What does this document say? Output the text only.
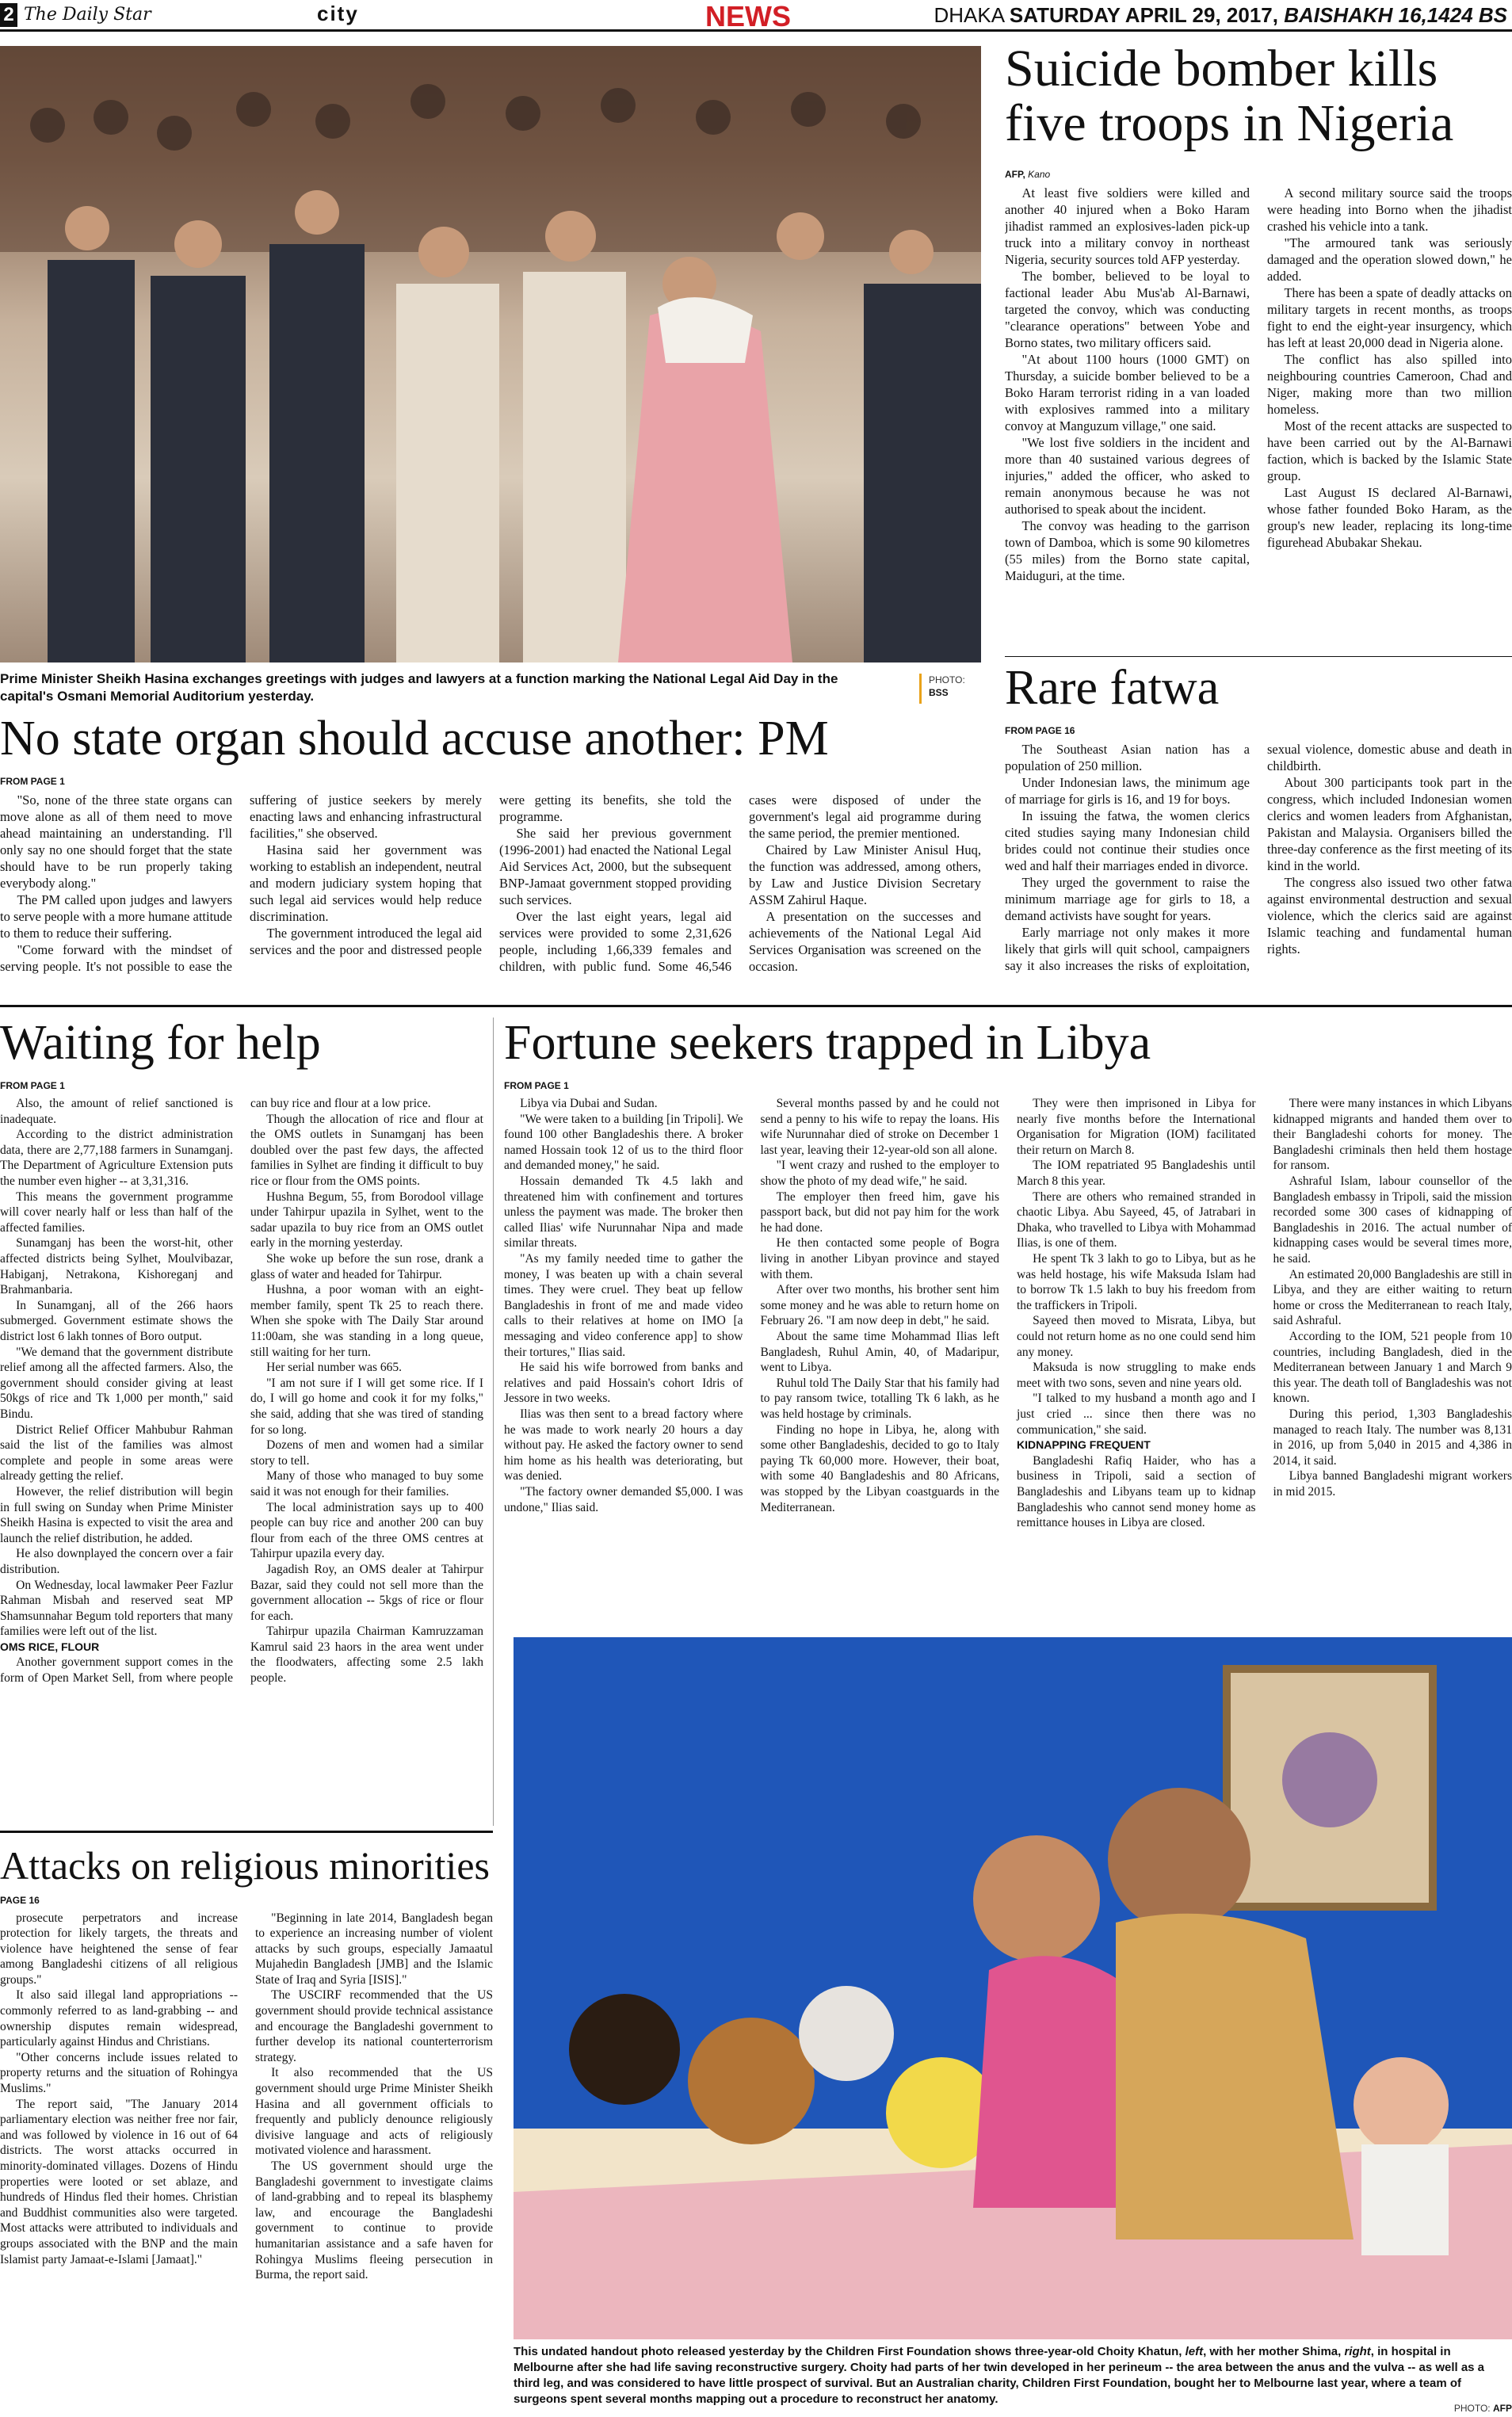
2 The Daily Star	city	NEWS	DHAKA SATURDAY APRIL 29, 2017, BAISHAKH 16,1424 BS
Prime Minister Sheikh Hasina exchanges greetings with judges and lawyers at a function marking the National Legal Aid Day in the capital's Osmani Memorial Auditorium yesterday.
PHOTO:
BSS
Suicide bomber kills five troops in Nigeria
AFP, Kano

At least five soldiers were killed and another 40 injured when a Boko Haram jihadist rammed an explosives-laden pick-up truck into a military convoy in northeast Nigeria, security sources told AFP yesterday.

The bomber, believed to be loyal to factional leader Abu Mus'ab Al-Barnawi, targeted the convoy, which was conducting "clearance operations" between Yobe and Borno states, two military officers said.

"At about 1100 hours (1000 GMT) on Thursday, a suicide bomber believed to be a Boko Haram terrorist riding in a van loaded with explosives rammed into a military convoy at Manguzum village," one said.

"We lost five soldiers in the incident and more than 40 sustained various degrees of injuries," added the officer, who asked to remain anonymous because he was not authorised to speak about the incident.

The convoy was heading to the garrison town of Damboa, which is some 90 kilometres (55 miles) from the Borno state capital, Maiduguri, at the time.

A second military source said the troops were heading into Borno when the jihadist crashed his vehicle into a tank.

"The armoured tank was seriously damaged and the operation slowed down," he added.

There has been a spate of deadly attacks on military targets in recent months, as troops fight to end the eight-year insurgency, which has left at least 20,000 dead in Nigeria alone.

The conflict has also spilled into neighbouring countries Cameroon, Chad and Niger, making more than two million homeless.

Most of the recent attacks are suspected to have been carried out by the Al-Barnawi faction, which is backed by the Islamic State group.

Last August IS declared Al-Barnawi, whose father founded Boko Haram, as the group's new leader, replacing its long-time figurehead Abubakar Shekau.

No state organ should accuse another: PM
FROM PAGE 1

"So, none of the three state organs can move alone as all of them need to move ahead maintaining an understanding. I'll only say no one should forget that the state should have to be run properly taking everybody along."

The PM called upon judges and lawyers to serve people with a more humane attitude to them to reduce their suffering.

"Come forward with the mindset of serving people. It's not possible to ease the suffering of justice seekers by merely enacting laws and enhancing infrastructural facilities," she observed.

Hasina said her government was working to establish an independent, neutral and modern judiciary system hoping that such legal aid services would help reduce discrimination.

The government introduced the legal aid services and the poor and distressed people were getting its benefits, she told the programme.

She said her previous government (1996-2001) had enacted the National Legal Aid Services Act, 2000, but the subsequent BNP-Jamaat government stopped providing such services.

Over the last eight years, legal aid services were provided to some 2,31,626 people, including 1,66,339 females and children, with public fund. Some 46,546 cases were disposed of under the government's legal aid programme during the same period, the premier mentioned.

Chaired by Law Minister Anisul Huq, the function was addressed, among others, by Law and Justice Division Secretary ASSM Zahirul Haque.

A presentation on the successes and achievements of the National Legal Aid Services Organisation was screened on the occasion.

Rare fatwa
FROM PAGE 16

The Southeast Asian nation has a population of 250 million.

Under Indonesian laws, the minimum age of marriage for girls is 16, and 19 for boys.

In issuing the fatwa, the women clerics cited studies saying many Indonesian child brides could not continue their studies once wed and half their marriages ended in divorce.

They urged the government to raise the minimum marriage age for girls to 18, a demand activists have sought for years.

Early marriage not only makes it more likely that girls will quit school, campaigners say it also increases the risks of exploitation, sexual violence, domestic abuse and death in childbirth.

About 300 participants took part in the congress, which included Indonesian women clerics and women leaders from Afghanistan, Pakistan and Malaysia. Organisers billed the three-day conference as the first meeting of its kind in the world.

The congress also issued two other fatwa against environmental destruction and sexual violence, which the clerics said are against Islamic teaching and fundamental human rights.

Waiting for help
FROM PAGE 1

Also, the amount of relief sanctioned is inadequate.

According to the district administration data, there are 2,77,188 farmers in Sunamganj. The Department of Agriculture Extension puts the number even higher -- at 3,31,316.

This means the government programme will cover nearly half or less than half of the affected families.

Sunamganj has been the worst-hit, other affected districts being Sylhet, Moulvibazar, Habiganj, Netrakona, Kishoreganj and Brahmanbaria.

In Sunamganj, all of the 266 haors submerged. Government estimate shows the district lost 6 lakh tonnes of Boro output.

"We demand that the government distribute relief among all the affected farmers. Also, the government should consider giving at least 50kgs of rice and Tk 1,000 per month," said Bindu.

District Relief Officer Mahbubur Rahman said the list of the families was almost complete and people in some areas were already getting the relief.

However, the relief distribution will begin in full swing on Sunday when Prime Minister Sheikh Hasina is expected to visit the area and launch the relief distribution, he added.

He also downplayed the concern over a fair distribution.

On Wednesday, local lawmaker Peer Fazlur Rahman Misbah and reserved seat MP Shamsunnahar Begum told reporters that many families were left out of the list.

OMS RICE, FLOUR

Another government support comes in the form of Open Market Sell, from where people can buy rice and flour at a low price.

Though the allocation of rice and flour at the OMS outlets in Sunamganj has been doubled over the past few days, the affected families in Sylhet are finding it difficult to buy rice or flour from the OMS points.

Hushna Begum, 55, from Borodool village under Tahirpur upazila in Sylhet, went to the sadar upazila to buy rice from an OMS outlet early in the morning yesterday.

She woke up before the sun rose, drank a glass of water and headed for Tahirpur.

Hushna, a poor woman with an eight-member family, spent Tk 25 to reach there. When she spoke with The Daily Star around 11:00am, she was standing in a long queue, still waiting for her turn.

Her serial number was 665.

"I am not sure if I will get some rice. If I do, I will go home and cook it for my folks," she said, adding that she was tired of standing for so long.

Dozens of men and women had a similar story to tell.

Many of those who managed to buy some said it was not enough for their families.

The local administration says up to 400 people can buy rice and another 200 can buy flour from each of the three OMS centres at Tahirpur upazila every day.

Jagadish Roy, an OMS dealer at Tahirpur Bazar, said they could not sell more than the government allocation -- 5kgs of rice or flour for each.

Tahirpur upazila Chairman Kamruzzaman Kamrul said 23 haors in the area went under the floodwaters, affecting some 2.5 lakh people.

Fortune seekers trapped in Libya
FROM PAGE 1

Libya via Dubai and Sudan.

"We were taken to a building [in Tripoli]. We found 100 other Bangladeshis there. A broker named Hossain took 12 of us to the third floor and demanded money," he said.

Hossain demanded Tk 4.5 lakh and threatened him with confinement and tortures unless the payment was made. The broker then called Ilias' wife Nurunnahar Nipa and made similar threats.

"As my family needed time to gather the money, I was beaten up with a chain several times. They were cruel. They beat up fellow Bangladeshis in front of me and made video calls to their relatives at home on IMO [a messaging and video conference app] to show their tortures," Ilias said.

He said his wife borrowed from banks and relatives and paid Hossain's cohort Idris of Jessore in two weeks.

Ilias was then sent to a bread factory where he was made to work nearly 20 hours a day without pay. He asked the factory owner to send him home as his health was deteriorating, but was denied.

"The factory owner demanded $5,000. I was undone," Ilias said.

Several months passed by and he could not send a penny to his wife to repay the loans. His wife Nurunnahar died of stroke on December 1 last year, leaving their 12-year-old son all alone.

"I went crazy and rushed to the employer to show the photo of my dead wife," he said.

The employer then freed him, gave his passport back, but did not pay him for the work he had done.

He then contacted some people of Bogra living in another Libyan province and stayed with them.

After over two months, his brother sent him some money and he was able to return home on February 26. "I am now deep in debt," he said.

About the same time Mohammad Ilias left Bangladesh, Ruhul Amin, 40, of Madaripur, went to Libya.

Ruhul told The Daily Star that his family had to pay ransom twice, totalling Tk 6 lakh, as he was held hostage by criminals.

Finding no hope in Libya, he, along with some other Bangladeshis, decided to go to Italy paying Tk 60,000 more. However, their boat, with some 40 Bangladeshis and 80 Africans, was stopped by the Libyan coastguards in the Mediterranean.

They were then imprisoned in Libya for nearly five months before the International Organisation for Migration (IOM) facilitated their return on March 8.

The IOM repatriated 95 Bangladeshis until March 8 this year.

There are others who remained stranded in chaotic Libya. Abu Sayeed, 45, of Jatrabari in Dhaka, who travelled to Libya with Mohammad Ilias, is one of them.

He spent Tk 3 lakh to go to Libya, but as he was held hostage, his wife Maksuda Islam had to borrow Tk 1.5 lakh to buy his freedom from the traffickers in Tripoli.

Sayeed then moved to Misrata, Libya, but could not return home as no one could send him any money.

Maksuda is now struggling to make ends meet with two sons, seven and nine years old.

"I talked to my husband a month ago and I just cried ... since then there was no communication," she said.

KIDNAPPING FREQUENT

Bangladeshi Rafiq Haider, who has a business in Tripoli, said a section of Bangladeshis and Libyans team up to kidnap Bangladeshis who cannot send money home as remittance houses in Libya are closed.

There were many instances in which Libyans kidnapped migrants and handed them over to their Bangladeshi cohorts for money. The Bangladeshi criminals then held them hostage for ransom.

Ashraful Islam, labour counsellor of the Bangladesh embassy in Tripoli, said the mission recorded some 300 cases of kidnapping of Bangladeshis in 2016. The actual number of kidnapping cases would be several times more, he said.

An estimated 20,000 Bangladeshis are still in Libya, and they are either waiting to return home or cross the Mediterranean to reach Italy, said Ashraful.

According to the IOM, 521 people from 10 countries, including Bangladesh, died in the Mediterranean between January 1 and March 9 this year. The death toll of Bangladeshis was not known.

During this period, 1,303 Bangladeshis managed to reach Italy. The number was 8,131 in 2016, up from 5,040 in 2015 and 4,386 in 2014, it said.

Libya banned Bangladeshi migrant workers in mid 2015.

Attacks on religious minorities
PAGE 16

prosecute perpetrators and increase protection for likely targets, the threats and violence have heightened the sense of fear among Bangladeshi citizens of all religious groups."

It also said illegal land appropriations -- commonly referred to as land-grabbing -- and ownership disputes remain widespread, particularly against Hindus and Christians.

"Other concerns include issues related to property returns and the situation of Rohingya Muslims."

The report said, "The January 2014 parliamentary election was neither free nor fair, and was followed by violence in 16 out of 64 districts. The worst attacks occurred in minority-dominated villages. Dozens of Hindu properties were looted or set ablaze, and hundreds of Hindus fled their homes. Christian and Buddhist communities also were targeted. Most attacks were attributed to individuals and groups associated with the BNP and the main Islamist party Jamaat-e-Islami [Jamaat]."

"Beginning in late 2014, Bangladesh began to experience an increasing number of violent attacks by such groups, especially Jamaatul Mujahedin Bangladesh [JMB] and the Islamic State of Iraq and Syria [ISIS]."

The USCIRF recommended that the US government should provide technical assistance and encourage the Bangladeshi government to further develop its national counterterrorism strategy.

It also recommended that the US government should urge Prime Minister Sheikh Hasina and all government officials to frequently and publicly denounce religiously divisive language and acts of religiously motivated violence and harassment.

The US government should urge the Bangladeshi government to investigate claims of land-grabbing and to repeal its blasphemy law, and encourage the Bangladeshi government to continue to provide humanitarian assistance and a safe haven for Rohingya Muslims fleeing persecution in Burma, the report said.

This undated handout photo released yesterday by the Children First Foundation shows three-year-old Choity Khatun, left, with her mother Shima, right, in hospital in Melbourne after she had life saving reconstructive surgery. Choity had parts of her twin developed in her perineum -- the area between the anus and the vulva -- as well as a third leg, and was considered to have little prospect of survival. But an Australian charity, Children First Foundation, bought her to Melbourne last year, where a team of surgeons spent several months mapping out a procedure to reconstruct her anatomy.
PHOTO: AFP
